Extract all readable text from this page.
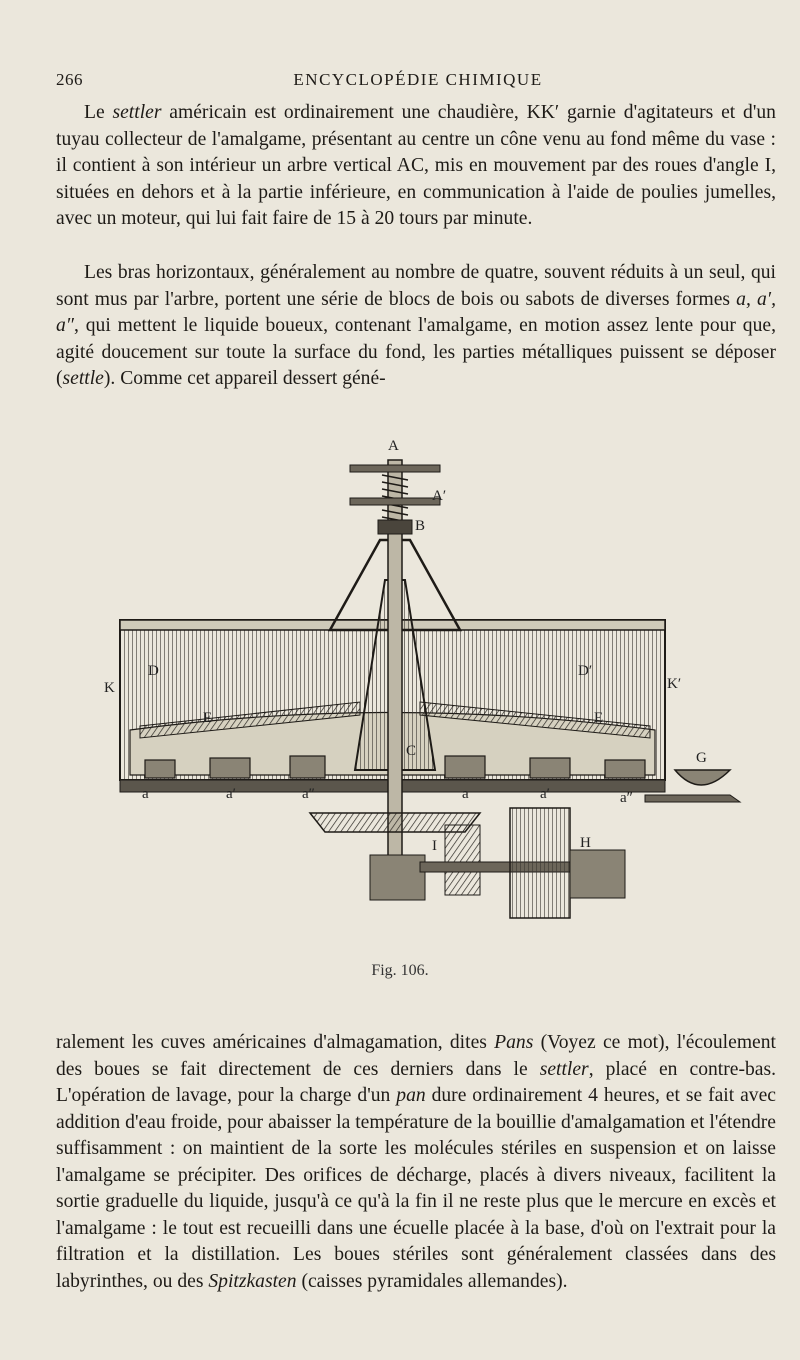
266	ENCYCLOPÉDIE CHIMIQUE

Le settler américain est ordinairement une chaudière, KK′ garnie d'agitateurs et d'un tuyau collecteur de l'amalgame, présentant au centre un cône venu au fond même du vase : il contient à son intérieur un arbre vertical AC, mis en mouvement par des roues d'angle I, situées en dehors et à la partie inférieure, en communication à l'aide de poulies jumelles, avec un moteur, qui lui fait faire de 15 à 20 tours par minute.

Les bras horizontaux, généralement au nombre de quatre, souvent réduits à un seul, qui sont mus par l'arbre, portent une série de blocs de bois ou sabots de diverses formes a, a′, a″, qui mettent le liquide boueux, contenant l'amalgame, en motion assez lente pour que, agité doucement sur toute la surface du fond, les parties métalliques puissent se déposer (settle). Comme cet appareil dessert géné-

A
A′
B
C
D	D′
E	E
K	K′
G
H
I
a	a′	a″	a	a′	a″
Fig. 106.

ralement les cuves américaines d'almagamation, dites Pans (Voyez ce mot), l'écoulement des boues se fait directement de ces derniers dans le settler, placé en contre-bas. L'opération de lavage, pour la charge d'un pan dure ordinairement 4 heures, et se fait avec addition d'eau froide, pour abaisser la température de la bouillie d'amalgamation et l'étendre suffisamment : on maintient de la sorte les molécules stériles en suspension et on laisse l'amalgame se précipiter. Des orifices de décharge, placés à divers niveaux, facilitent la sortie graduelle du liquide, jusqu'à ce qu'à la fin il ne reste plus que le mercure en excès et l'amalgame : le tout est recueilli dans une écuelle placée à la base, d'où on l'extrait pour la filtration et la distillation. Les boues stériles sont généralement classées dans des labyrinthes, ou des Spitzkasten (caisses pyramidales allemandes).
